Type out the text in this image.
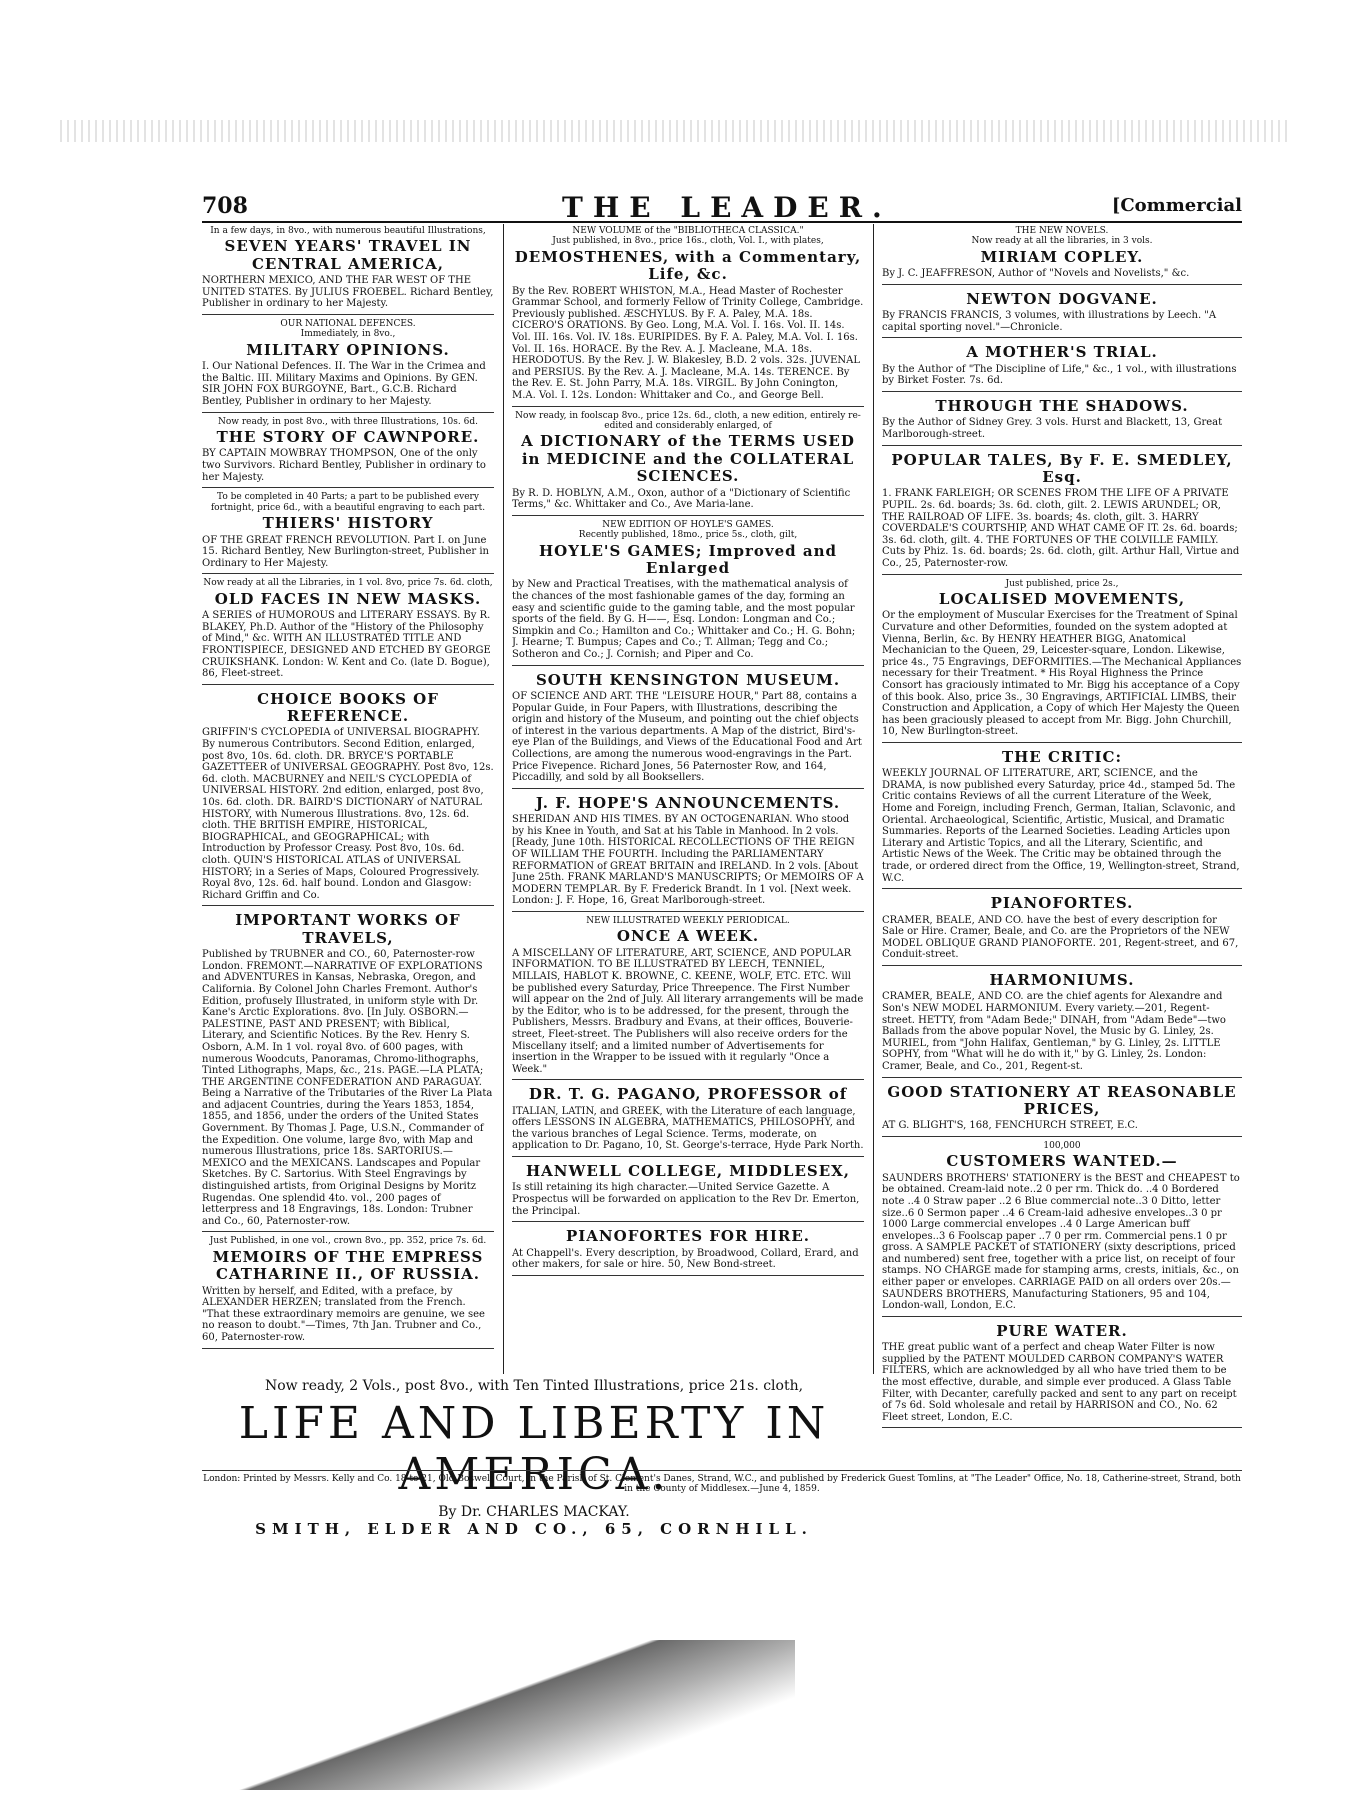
708	THE LEADER.	[Commercial
In a few days, in 8vo., with numerous beautiful Illustrations,
SEVEN YEARS' TRAVEL IN CENTRAL AMERICA,
NORTHERN MEXICO, AND THE FAR WEST OF THE UNITED STATES. By JULIUS FROEBEL. Richard Bentley, Publisher in ordinary to her Majesty.
OUR NATIONAL DEFENCES.
Immediately, in 8vo.,
MILITARY OPINIONS.
I. Our National Defences. II. The War in the Crimea and the Baltic. III. Military Maxims and Opinions. By GEN. SIR JOHN FOX BURGOYNE, Bart., G.C.B. Richard Bentley, Publisher in ordinary to her Majesty.
Now ready, in post 8vo., with three Illustrations, 10s. 6d.
THE STORY OF CAWNPORE.
BY CAPTAIN MOWBRAY THOMPSON, One of the only two Survivors. Richard Bentley, Publisher in ordinary to her Majesty.
To be completed in 40 Parts; a part to be published every fortnight, price 6d., with a beautiful engraving to each part.
THIERS' HISTORY
OF THE GREAT FRENCH REVOLUTION. Part I. on June 15. Richard Bentley, New Burlington-street, Publisher in Ordinary to Her Majesty.
Now ready at all the Libraries, in 1 vol. 8vo, price 7s. 6d. cloth,
OLD FACES IN NEW MASKS.
A SERIES of HUMOROUS and LITERARY ESSAYS. By R. BLAKEY, Ph.D. Author of the "History of the Philosophy of Mind," &c. WITH AN ILLUSTRATED TITLE AND FRONTISPIECE, DESIGNED AND ETCHED BY GEORGE CRUIKSHANK. London: W. Kent and Co. (late D. Bogue), 86, Fleet-street.
CHOICE BOOKS OF REFERENCE.
GRIFFIN'S CYCLOPEDIA of UNIVERSAL BIOGRAPHY. By numerous Contributors. Second Edition, enlarged, post 8vo, 10s. 6d. cloth. DR. BRYCE'S PORTABLE GAZETTEER of UNIVERSAL GEOGRAPHY. Post 8vo, 12s. 6d. cloth. MACBURNEY and NEIL'S CYCLOPEDIA of UNIVERSAL HISTORY. 2nd edition, enlarged, post 8vo, 10s. 6d. cloth. DR. BAIRD'S DICTIONARY of NATURAL HISTORY, with Numerous Illustrations. 8vo, 12s. 6d. cloth. THE BRITISH EMPIRE, HISTORICAL, BIOGRAPHICAL, and GEOGRAPHICAL; with Introduction by Professor Creasy. Post 8vo, 10s. 6d. cloth. QUIN'S HISTORICAL ATLAS of UNIVERSAL HISTORY; in a Series of Maps, Coloured Progressively. Royal 8vo, 12s. 6d. half bound. London and Glasgow: Richard Griffin and Co.
IMPORTANT WORKS OF TRAVELS,
Published by TRUBNER and CO., 60, Paternoster-row London. FREMONT.—NARRATIVE OF EXPLORATIONS and ADVENTURES in Kansas, Nebraska, Oregon, and California. By Colonel John Charles Fremont. Author's Edition, profusely Illustrated, in uniform style with Dr. Kane's Arctic Explorations. 8vo. [In July. OSBORN.—PALESTINE, PAST AND PRESENT; with Biblical, Literary, and Scientific Notices. By the Rev. Henry S. Osborn, A.M. In 1 vol. royal 8vo. of 600 pages, with numerous Woodcuts, Panoramas, Chromo-lithographs, Tinted Lithographs, Maps, &c., 21s. PAGE.—LA PLATA; THE ARGENTINE CONFEDERATION AND PARAGUAY. Being a Narrative of the Tributaries of the River La Plata and adjacent Countries, during the Years 1853, 1854, 1855, and 1856, under the orders of the United States Government. By Thomas J. Page, U.S.N., Commander of the Expedition. One volume, large 8vo, with Map and numerous Illustrations, price 18s. SARTORIUS.—MEXICO and the MEXICANS. Landscapes and Popular Sketches. By C. Sartorius. With Steel Engravings by distinguished artists, from Original Designs by Moritz Rugendas. One splendid 4to. vol., 200 pages of letterpress and 18 Engravings, 18s. London: Trubner and Co., 60, Paternoster-row.
Just Published, in one vol., crown 8vo., pp. 352, price 7s. 6d.
MEMOIRS OF THE EMPRESS CATHARINE II., OF RUSSIA.
Written by herself, and Edited, with a preface, by ALEXANDER HERZEN; translated from the French. "That these extraordinary memoirs are genuine, we see no reason to doubt."—Times, 7th Jan. Trubner and Co., 60, Paternoster-row.
NEW VOLUME of the "BIBLIOTHECA CLASSICA."
Just published, in 8vo., price 16s., cloth, Vol. I., with plates,
DEMOSTHENES, with a Commentary, Life, &c.
By the Rev. ROBERT WHISTON, M.A., Head Master of Rochester Grammar School, and formerly Fellow of Trinity College, Cambridge. Previously published. ÆSCHYLUS. By F. A. Paley, M.A. 18s. CICERO'S ORATIONS. By Geo. Long, M.A. Vol. I. 16s. Vol. II. 14s. Vol. III. 16s. Vol. IV. 18s. EURIPIDES. By F. A. Paley, M.A. Vol. I. 16s. Vol. II. 16s. HORACE. By the Rev. A. J. Macleane, M.A. 18s. HERODOTUS. By the Rev. J. W. Blakesley, B.D. 2 vols. 32s. JUVENAL and PERSIUS. By the Rev. A. J. Macleane, M.A. 14s. TERENCE. By the Rev. E. St. John Parry, M.A. 18s. VIRGIL. By John Conington, M.A. Vol. I. 12s. London: Whittaker and Co., and George Bell.
Now ready, in foolscap 8vo., price 12s. 6d., cloth, a new edition, entirely re-edited and considerably enlarged, of
A DICTIONARY of the TERMS USED in MEDICINE and the COLLATERAL SCIENCES.
By R. D. HOBLYN, A.M., Oxon, author of a "Dictionary of Scientific Terms," &c. Whittaker and Co., Ave Maria-lane.
NEW EDITION OF HOYLE'S GAMES.
Recently published, 18mo., price 5s., cloth, gilt,
HOYLE'S GAMES; Improved and Enlarged
by New and Practical Treatises, with the mathematical analysis of the chances of the most fashionable games of the day, forming an easy and scientific guide to the gaming table, and the most popular sports of the field. By G. H——, Esq. London: Longman and Co.; Simpkin and Co.; Hamilton and Co.; Whittaker and Co.; H. G. Bohn; J. Hearne; T. Bumpus; Capes and Co.; T. Allman; Tegg and Co.; Sotheron and Co.; J. Cornish; and Piper and Co.
SOUTH KENSINGTON MUSEUM.
OF SCIENCE AND ART. THE "LEISURE HOUR," Part 88, contains a Popular Guide, in Four Papers, with Illustrations, describing the origin and history of the Museum, and pointing out the chief objects of interest in the various departments. A Map of the district, Bird's-eye Plan of the Buildings, and Views of the Educational Food and Art Collections, are among the numerous wood-engravings in the Part. Price Fivepence. Richard Jones, 56 Paternoster Row, and 164, Piccadilly, and sold by all Booksellers.
J. F. HOPE'S ANNOUNCEMENTS.
SHERIDAN AND HIS TIMES. BY AN OCTOGENARIAN. Who stood by his Knee in Youth, and Sat at his Table in Manhood. In 2 vols. [Ready, June 10th. HISTORICAL RECOLLECTIONS OF THE REIGN OF WILLIAM THE FOURTH. Including the PARLIAMENTARY REFORMATION of GREAT BRITAIN and IRELAND. In 2 vols. [About June 25th. FRANK MARLAND'S MANUSCRIPTS; Or MEMOIRS OF A MODERN TEMPLAR. By F. Frederick Brandt. In 1 vol. [Next week. London: J. F. Hope, 16, Great Marlborough-street.
NEW ILLUSTRATED WEEKLY PERIODICAL.
ONCE A WEEK.
A MISCELLANY OF LITERATURE, ART, SCIENCE, AND POPULAR INFORMATION. TO BE ILLUSTRATED BY LEECH, TENNIEL, MILLAIS, HABLOT K. BROWNE, C. KEENE, WOLF, ETC. ETC. Will be published every Saturday, Price Threepence. The First Number will appear on the 2nd of July. All literary arrangements will be made by the Editor, who is to be addressed, for the present, through the Publishers, Messrs. Bradbury and Evans, at their offices, Bouverie-street, Fleet-street. The Publishers will also receive orders for the Miscellany itself; and a limited number of Advertisements for insertion in the Wrapper to be issued with it regularly "Once a Week."
DR. T. G. PAGANO, PROFESSOR of
ITALIAN, LATIN, and GREEK, with the Literature of each language, offers LESSONS IN ALGEBRA, MATHEMATICS, PHILOSOPHY, and the various branches of Legal Science. Terms, moderate, on application to Dr. Pagano, 10, St. George's-terrace, Hyde Park North.
HANWELL COLLEGE, MIDDLESEX,
Is still retaining its high character.—United Service Gazette. A Prospectus will be forwarded on application to the Rev Dr. Emerton, the Principal.
PIANOFORTES FOR HIRE.
At Chappell's. Every description, by Broadwood, Collard, Erard, and other makers, for sale or hire. 50, New Bond-street.
THE NEW NOVELS.
Now ready at all the libraries, in 3 vols.
MIRIAM COPLEY.
By J. C. JEAFFRESON, Author of "Novels and Novelists," &c.
NEWTON DOGVANE.
By FRANCIS FRANCIS, 3 volumes, with illustrations by Leech. "A capital sporting novel."—Chronicle.
A MOTHER'S TRIAL.
By the Author of "The Discipline of Life," &c., 1 vol., with illustrations by Birket Foster. 7s. 6d.
THROUGH THE SHADOWS.
By the Author of Sidney Grey. 3 vols. Hurst and Blackett, 13, Great Marlborough-street.
POPULAR TALES, By F. E. SMEDLEY, Esq.
1. FRANK FARLEIGH; OR SCENES FROM THE LIFE OF A PRIVATE PUPIL. 2s. 6d. boards; 3s. 6d. cloth, gilt. 2. LEWIS ARUNDEL; OR, THE RAILROAD OF LIFE. 3s. boards; 4s. cloth, gilt. 3. HARRY COVERDALE'S COURTSHIP, AND WHAT CAME OF IT. 2s. 6d. boards; 3s. 6d. cloth, gilt. 4. THE FORTUNES OF THE COLVILLE FAMILY. Cuts by Phiz. 1s. 6d. boards; 2s. 6d. cloth, gilt. Arthur Hall, Virtue and Co., 25, Paternoster-row.
Just published, price 2s.,
LOCALISED MOVEMENTS,
Or the employment of Muscular Exercises for the Treatment of Spinal Curvature and other Deformities, founded on the system adopted at Vienna, Berlin, &c. By HENRY HEATHER BIGG, Anatomical Mechanician to the Queen, 29, Leicester-square, London. Likewise, price 4s., 75 Engravings, DEFORMITIES.—The Mechanical Appliances necessary for their Treatment. * His Royal Highness the Prince Consort has graciously intimated to Mr. Bigg his acceptance of a Copy of this book. Also, price 3s., 30 Engravings, ARTIFICIAL LIMBS, their Construction and Application, a Copy of which Her Majesty the Queen has been graciously pleased to accept from Mr. Bigg. John Churchill, 10, New Burlington-street.
THE CRITIC:
WEEKLY JOURNAL OF LITERATURE, ART, SCIENCE, and the DRAMA, is now published every Saturday, price 4d., stamped 5d. The Critic contains Reviews of all the current Literature of the Week, Home and Foreign, including French, German, Italian, Sclavonic, and Oriental. Archaeological, Scientific, Artistic, Musical, and Dramatic Summaries. Reports of the Learned Societies. Leading Articles upon Literary and Artistic Topics, and all the Literary, Scientific, and Artistic News of the Week. The Critic may be obtained through the trade, or ordered direct from the Office, 19, Wellington-street, Strand, W.C.
PIANOFORTES.
CRAMER, BEALE, AND CO. have the best of every description for Sale or Hire. Cramer, Beale, and Co. are the Proprietors of the NEW MODEL OBLIQUE GRAND PIANOFORTE. 201, Regent-street, and 67, Conduit-street.
HARMONIUMS.
CRAMER, BEALE, AND CO. are the chief agents for Alexandre and Son's NEW MODEL HARMONIUM. Every variety.—201, Regent-street. HETTY, from "Adam Bede;" DINAH, from "Adam Bede"—two Ballads from the above popular Novel, the Music by G. Linley, 2s. MURIEL, from "John Halifax, Gentleman," by G. Linley, 2s. LITTLE SOPHY, from "What will he do with it," by G. Linley, 2s. London: Cramer, Beale, and Co., 201, Regent-st.
GOOD STATIONERY AT REASONABLE PRICES,
AT G. BLIGHT'S, 168, FENCHURCH STREET, E.C.
100,000
CUSTOMERS WANTED.—
SAUNDERS BROTHERS' STATIONERY is the BEST and CHEAPEST to be obtained. Cream-laid note..2 0 per rm. Thick do. ..4 0 Bordered note ..4 0 Straw paper ..2 6 Blue commercial note..3 0 Ditto, letter size..6 0 Sermon paper ..4 6 Cream-laid adhesive envelopes..3 0 pr 1000 Large commercial envelopes ..4 0 Large American buff envelopes..3 6 Foolscap paper ..7 0 per rm. Commercial pens.1 0 pr gross. A SAMPLE PACKET of STATIONERY (sixty descriptions, priced and numbered) sent free, together with a price list, on receipt of four stamps. NO CHARGE made for stamping arms, crests, initials, &c., on either paper or envelopes. CARRIAGE PAID on all orders over 20s.—SAUNDERS BROTHERS, Manufacturing Stationers, 95 and 104, London-wall, London, E.C.
PURE WATER.
THE great public want of a perfect and cheap Water Filter is now supplied by the PATENT MOULDED CARBON COMPANY'S WATER FILTERS, which are acknowledged by all who have tried them to be the most effective, durable, and simple ever produced. A Glass Table Filter, with Decanter, carefully packed and sent to any part on receipt of 7s 6d. Sold wholesale and retail by HARRISON and CO., No. 62 Fleet street, London, E.C.
Now ready, 2 Vols., post 8vo., with Ten Tinted Illustrations, price 21s. cloth,
LIFE AND LIBERTY IN AMERICA.
By Dr. CHARLES MACKAY.
SMITH, ELDER AND CO., 65, CORNHILL.
London: Printed by Messrs. Kelly and Co. 18 to 21, Old Boswell Court, in the Parish of St. Clement's Danes, Strand, W.C., and published by Frederick Guest Tomlins, at "The Leader" Office, No. 18, Catherine-street, Strand, both in the County of Middlesex.—June 4, 1859.
